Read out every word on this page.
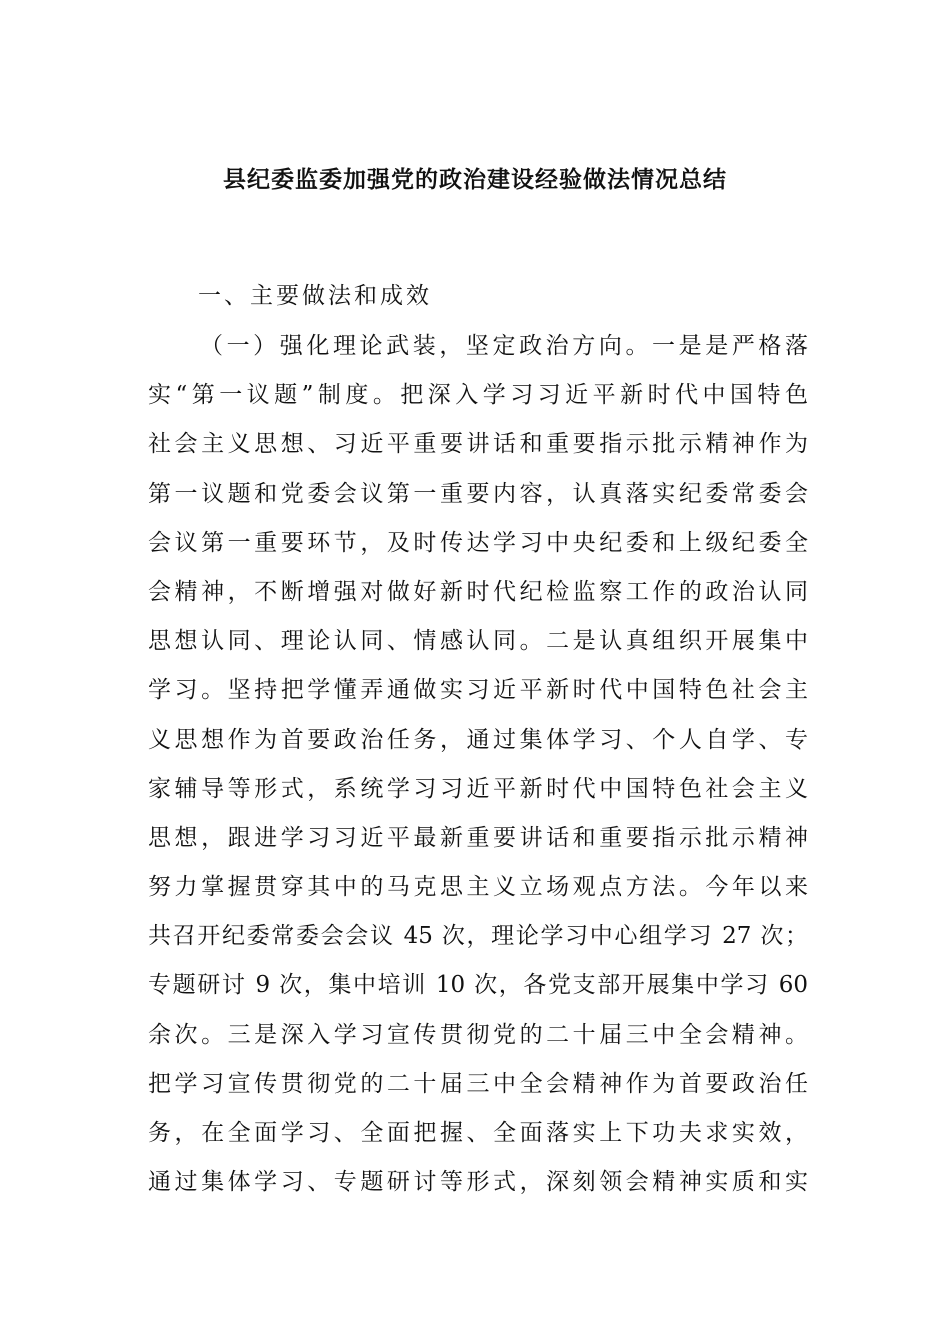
县纪委监委加强党的政治建设经验做法情况总结
一、主要做法和成效
（一）强化理论武装，坚定政治方向。一是是严格落
实“第一议题”制度。把深入学习习近平新时代中国特色
社会主义思想、习近平重要讲话和重要指示批示精神作为
第一议题和党委会议第一重要内容，认真落实纪委常委会
会议第一重要环节，及时传达学习中央纪委和上级纪委全
会精神，不断增强对做好新时代纪检监察工作的政治认同
思想认同、理论认同、情感认同。二是认真组织开展集中
学习。坚持把学懂弄通做实习近平新时代中国特色社会主
义思想作为首要政治任务，通过集体学习、个人自学、专
家辅导等形式，系统学习习近平新时代中国特色社会主义
思想，跟进学习习近平最新重要讲话和重要指示批示精神
努力掌握贯穿其中的马克思主义立场观点方法。今年以来
共召开纪委常委会会议 45 次，理论学习中心组学习 27 次；
专题研讨 9 次，集中培训 10 次，各党支部开展集中学习 60
余次。三是深入学习宣传贯彻党的二十届三中全会精神。
把学习宣传贯彻党的二十届三中全会精神作为首要政治任
务，在全面学习、全面把握、全面落实上下功夫求实效，
通过集体学习、专题研讨等形式，深刻领会精神实质和实
